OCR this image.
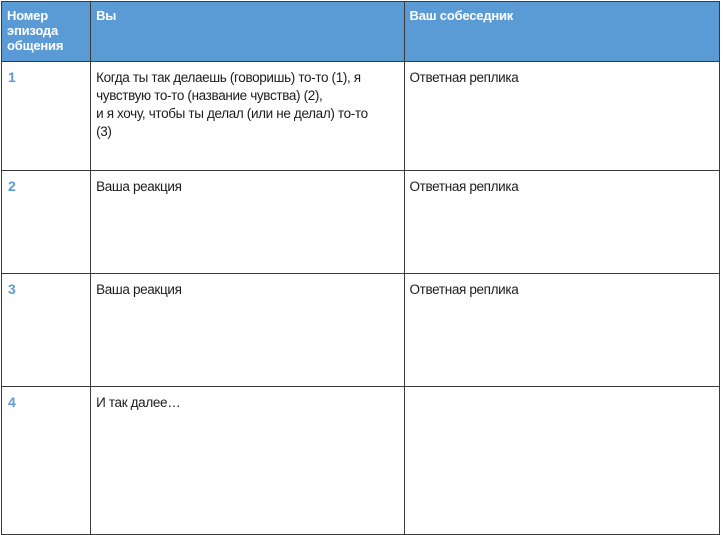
Номер эпизода общения	Вы	Ваш собеседник

1	Когда ты так делаешь (говоришь) то-то (1), я
чувствую то-то (название чувства) (2),
и я хочу, чтобы ты делал (или не делал) то-то
(3)	Ответная реплика

2	Ваша реакция	Ответная реплика

3	Ваша реакция	Ответная реплика

4	И так далее…	
